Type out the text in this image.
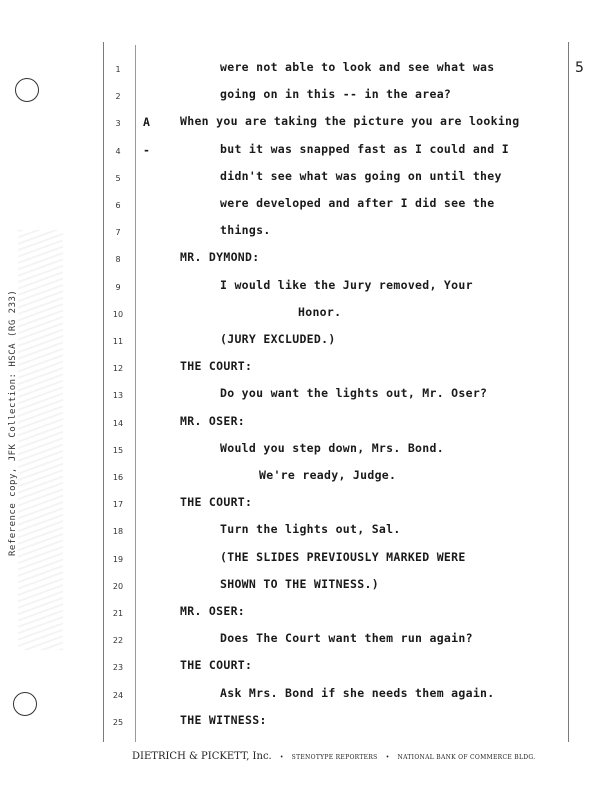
Reference copy, JFK Collection: HSCA (RG 233)
5
1	were not able to look and see what was
2	going on in this -- in the area?
3	A	When you are taking the picture you are looking
4	-	but it was snapped fast as I could and I
5	didn't see what was going on until they
6	were developed and after I did see the
7	things.
8	MR. DYMOND:
9	I would like the Jury removed, Your
10	Honor.
11	(JURY EXCLUDED.)
12	THE COURT:
13	Do you want the lights out, Mr. Oser?
14	MR. OSER:
15	Would you step down, Mrs. Bond.
16	We're ready, Judge.
17	THE COURT:
18	Turn the lights out, Sal.
19	(THE SLIDES PREVIOUSLY MARKED WERE
20	SHOWN TO THE WITNESS.)
21	MR. OSER:
22	Does The Court want them run again?
23	THE COURT:
24	Ask Mrs. Bond if she needs them again.
25	THE WITNESS:
DIETRICH & PICKETT, Inc. • STENOTYPE REPORTERS • NATIONAL BANK OF COMMERCE BLDG.
